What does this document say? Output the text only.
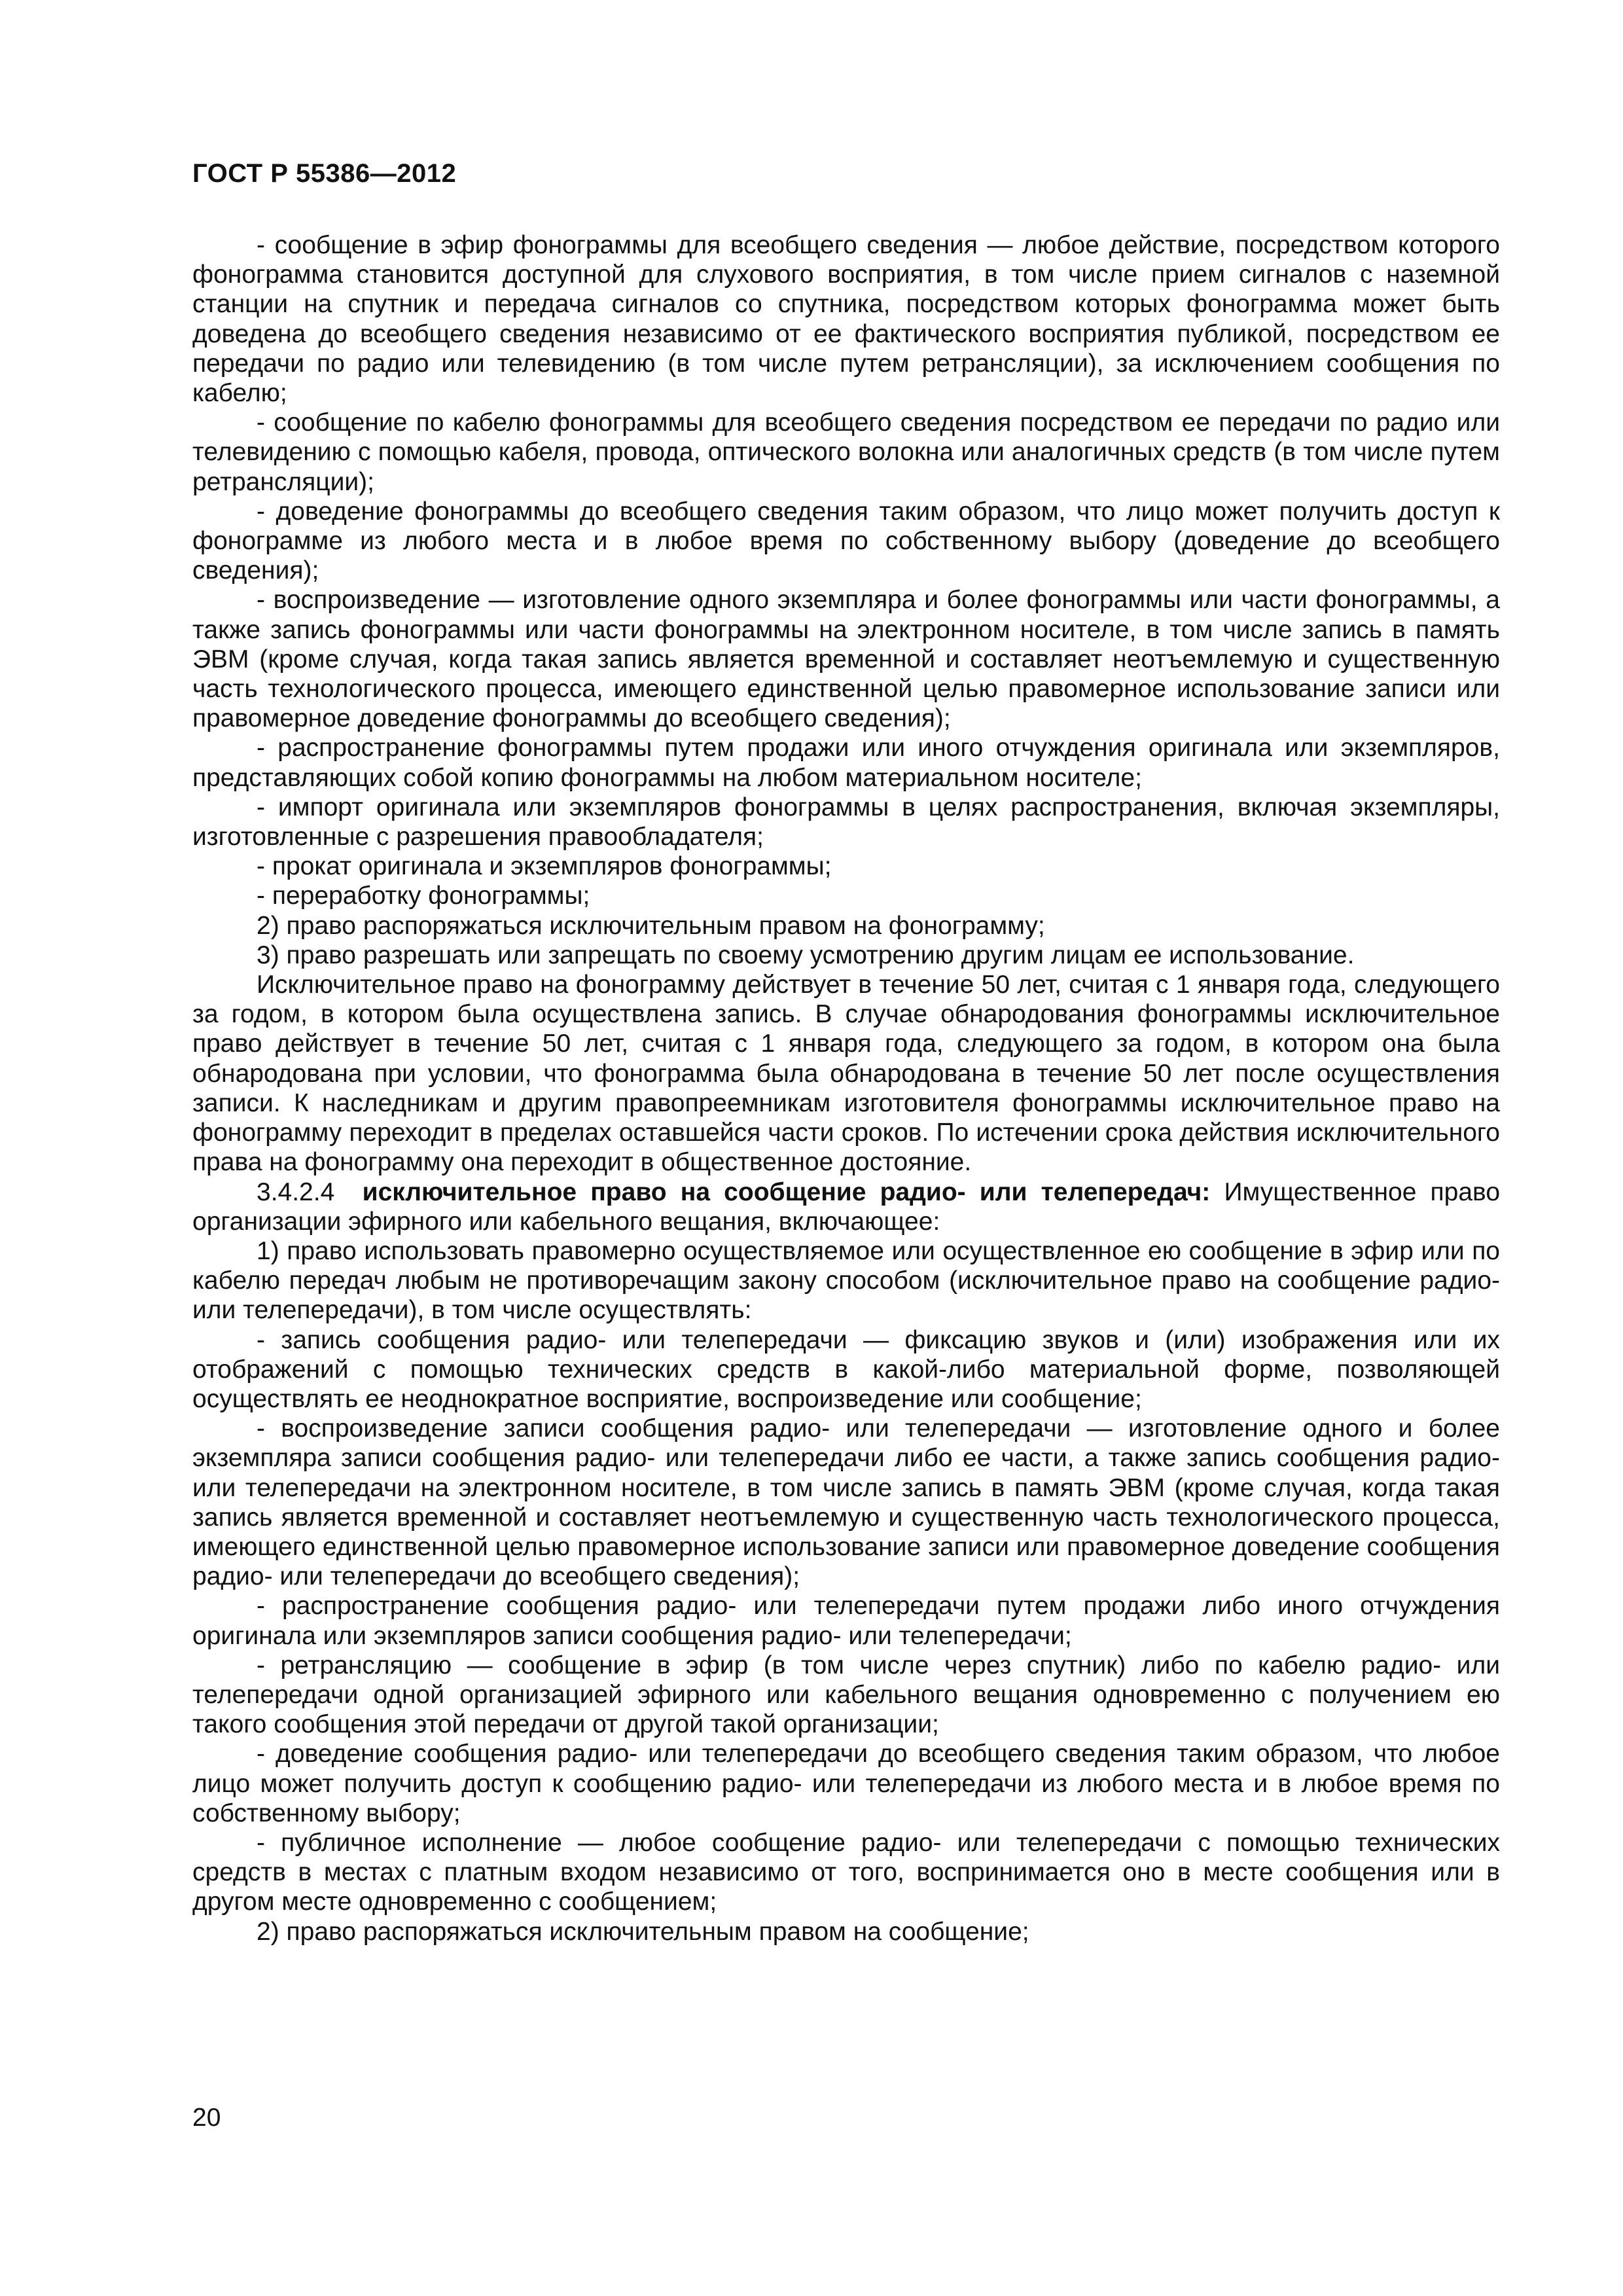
ГОСТ Р 55386—2012

- сообщение в эфир фонограммы для всеобщего сведения — любое действие, посредством которого фонограмма становится доступной для слухового восприятия, в том числе прием сигналов с наземной станции на спутник и передача сигналов со спутника, посредством которых фонограмма может быть доведена до всеобщего сведения независимо от ее фактического восприятия публикой, посредством ее передачи по радио или телевидению (в том числе путем ретрансляции), за исключением сообщения по кабелю;

- сообщение по кабелю фонограммы для всеобщего сведения посредством ее передачи по радио или телевидению с помощью кабеля, провода, оптического волокна или аналогичных средств (в том числе путем ретрансляции);

- доведение фонограммы до всеобщего сведения таким образом, что лицо может получить доступ к фонограмме из любого места и в любое время по собственному выбору (доведение до всеобщего сведения);

- воспроизведение — изготовление одного экземпляра и более фонограммы или части фонограммы, а также запись фонограммы или части фонограммы на электронном носителе, в том числе запись в память ЭВМ (кроме случая, когда такая запись является временной и составляет неотъемлемую и существенную часть технологического процесса, имеющего единственной целью правомерное использование записи или правомерное доведение фонограммы до всеобщего сведения);

- распространение фонограммы путем продажи или иного отчуждения оригинала или экземпляров, представляющих собой копию фонограммы на любом материальном носителе;

- импорт оригинала или экземпляров фонограммы в целях распространения, включая экземпляры, изготовленные с разрешения правообладателя;

- прокат оригинала и экземпляров фонограммы;

- переработку фонограммы;

2) право распоряжаться исключительным правом на фонограмму;

3) право разрешать или запрещать по своему усмотрению другим лицам ее использование.

Исключительное право на фонограмму действует в течение 50 лет, считая с 1 января года, следующего за годом, в котором была осуществлена запись. В случае обнародования фонограммы исключительное право действует в течение 50 лет, считая с 1 января года, следующего за годом, в котором она была обнародована при условии, что фонограмма была обнародована в течение 50 лет после осуществления записи. К наследникам и другим правопреемникам изготовителя фонограммы исключительное право на фонограмму переходит в пределах оставшейся части сроков. По истечении срока действия исключительного права на фонограмму она переходит в общественное достояние.

3.4.2.4 исключительное право на сообщение радио- или телепередач: Имущественное право организации эфирного или кабельного вещания, включающее:

1) право использовать правомерно осуществляемое или осуществленное ею сообщение в эфир или по кабелю передач любым не противоречащим закону способом (исключительное право на сообщение радио- или телепередачи), в том числе осуществлять:

- запись сообщения радио- или телепередачи — фиксацию звуков и (или) изображения или их отображений с помощью технических средств в какой-либо материальной форме, позволяющей осуществлять ее неоднократное восприятие, воспроизведение или сообщение;

- воспроизведение записи сообщения радио- или телепередачи — изготовление одного и более экземпляра записи сообщения радио- или телепередачи либо ее части, а также запись сообщения радио- или телепередачи на электронном носителе, в том числе запись в память ЭВМ (кроме случая, когда такая запись является временной и составляет неотъемлемую и существенную часть технологического процесса, имеющего единственной целью правомерное использование записи или правомерное доведение сообщения радио- или телепередачи до всеобщего сведения);

- распространение сообщения радио- или телепередачи путем продажи либо иного отчуждения оригинала или экземпляров записи сообщения радио- или телепередачи;

- ретрансляцию — сообщение в эфир (в том числе через спутник) либо по кабелю радио- или телепередачи одной организацией эфирного или кабельного вещания одновременно с получением ею такого сообщения этой передачи от другой такой организации;

- доведение сообщения радио- или телепередачи до всеобщего сведения таким образом, что любое лицо может получить доступ к сообщению радио- или телепередачи из любого места и в любое время по собственному выбору;

- публичное исполнение — любое сообщение радио- или телепередачи с помощью технических средств в местах с платным входом независимо от того, воспринимается оно в месте сообщения или в другом месте одновременно с сообщением;

2) право распоряжаться исключительным правом на сообщение;

20
